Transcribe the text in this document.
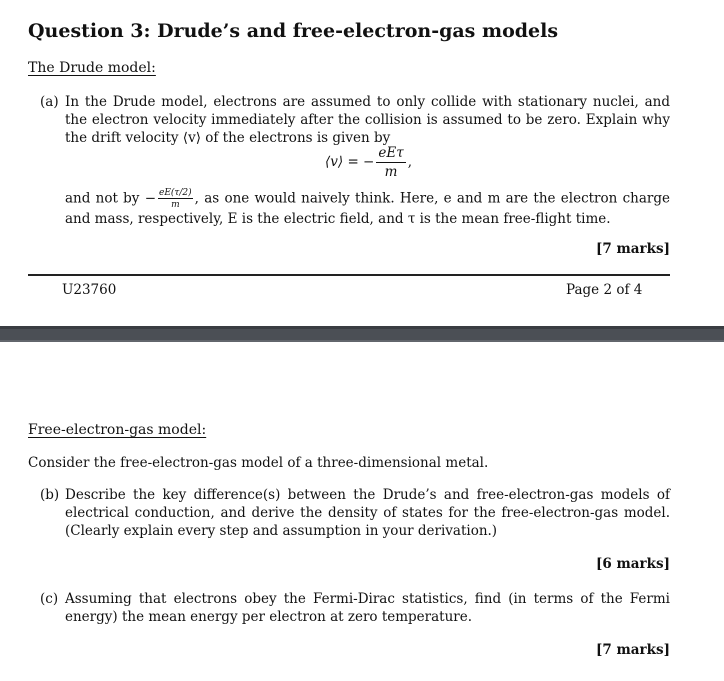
Question 3: Drude’s and free-electron-gas models
The Drude model:
(a) In the Drude model, electrons are assumed to only collide with stationary nuclei, and the electron velocity immediately after the collision is assumed to be zero. Explain why the drift velocity ⟨v⟩ of the electrons is given by
⟨v⟩ = − $\frac{\text{eEτ}}{m}$ ,
and not by − $\frac{eE(\tau/2)}{m}$ , as one would naively think. Here, e and m are the electron charge and mass, respectively, E is the electric field, and τ is the mean free-flight time.
[7 marks]
U23760	Page 2 of 4
Free-electron-gas model:
Consider the free-electron-gas model of a three-dimensional metal.
(b) Describe the key difference(s) between the Drude’s and free-electron-gas models of electrical conduction, and derive the density of states for the free-electron-gas model. (Clearly explain every step and assumption in your derivation.)
[6 marks]
(c) Assuming that electrons obey the Fermi-Dirac statistics, find (in terms of the Fermi energy) the mean energy per electron at zero temperature.
[7 marks]
